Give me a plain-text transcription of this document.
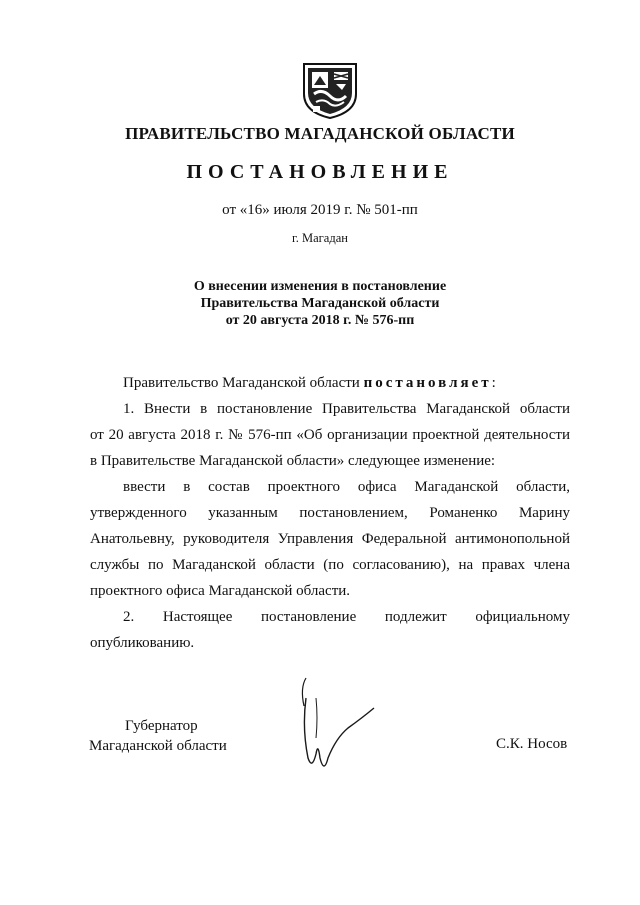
ПРАВИТЕЛЬСТВО МАГАДАНСКОЙ ОБЛАСТИ
ПОСТАНОВЛЕНИЕ
от «16» июля 2019 г. № 501-пп
г. Магадан
О внесении изменения в постановление
Правительства Магаданской области
от 20 августа 2018 г. № 576-пп

Правительство Магаданской области постановляет:

1. Внести в постановление Правительства Магаданской области

от 20 августа 2018 г. № 576-пп «Об организации проектной деятельности в Правительстве Магаданской области» следующее изменение:

ввести в состав проектного офиса Магаданской области,

утвержденного указанным постановлением, Романенко Марину Анатольевну, руководителя Управления Федеральной антимонопольной службы по Магаданской области (по согласованию), на правах члена проектного офиса Магаданской области.

2. Настоящее постановление подлежит официальному

опубликованию.

Губернатор
Магаданской области	С.К. Носов
